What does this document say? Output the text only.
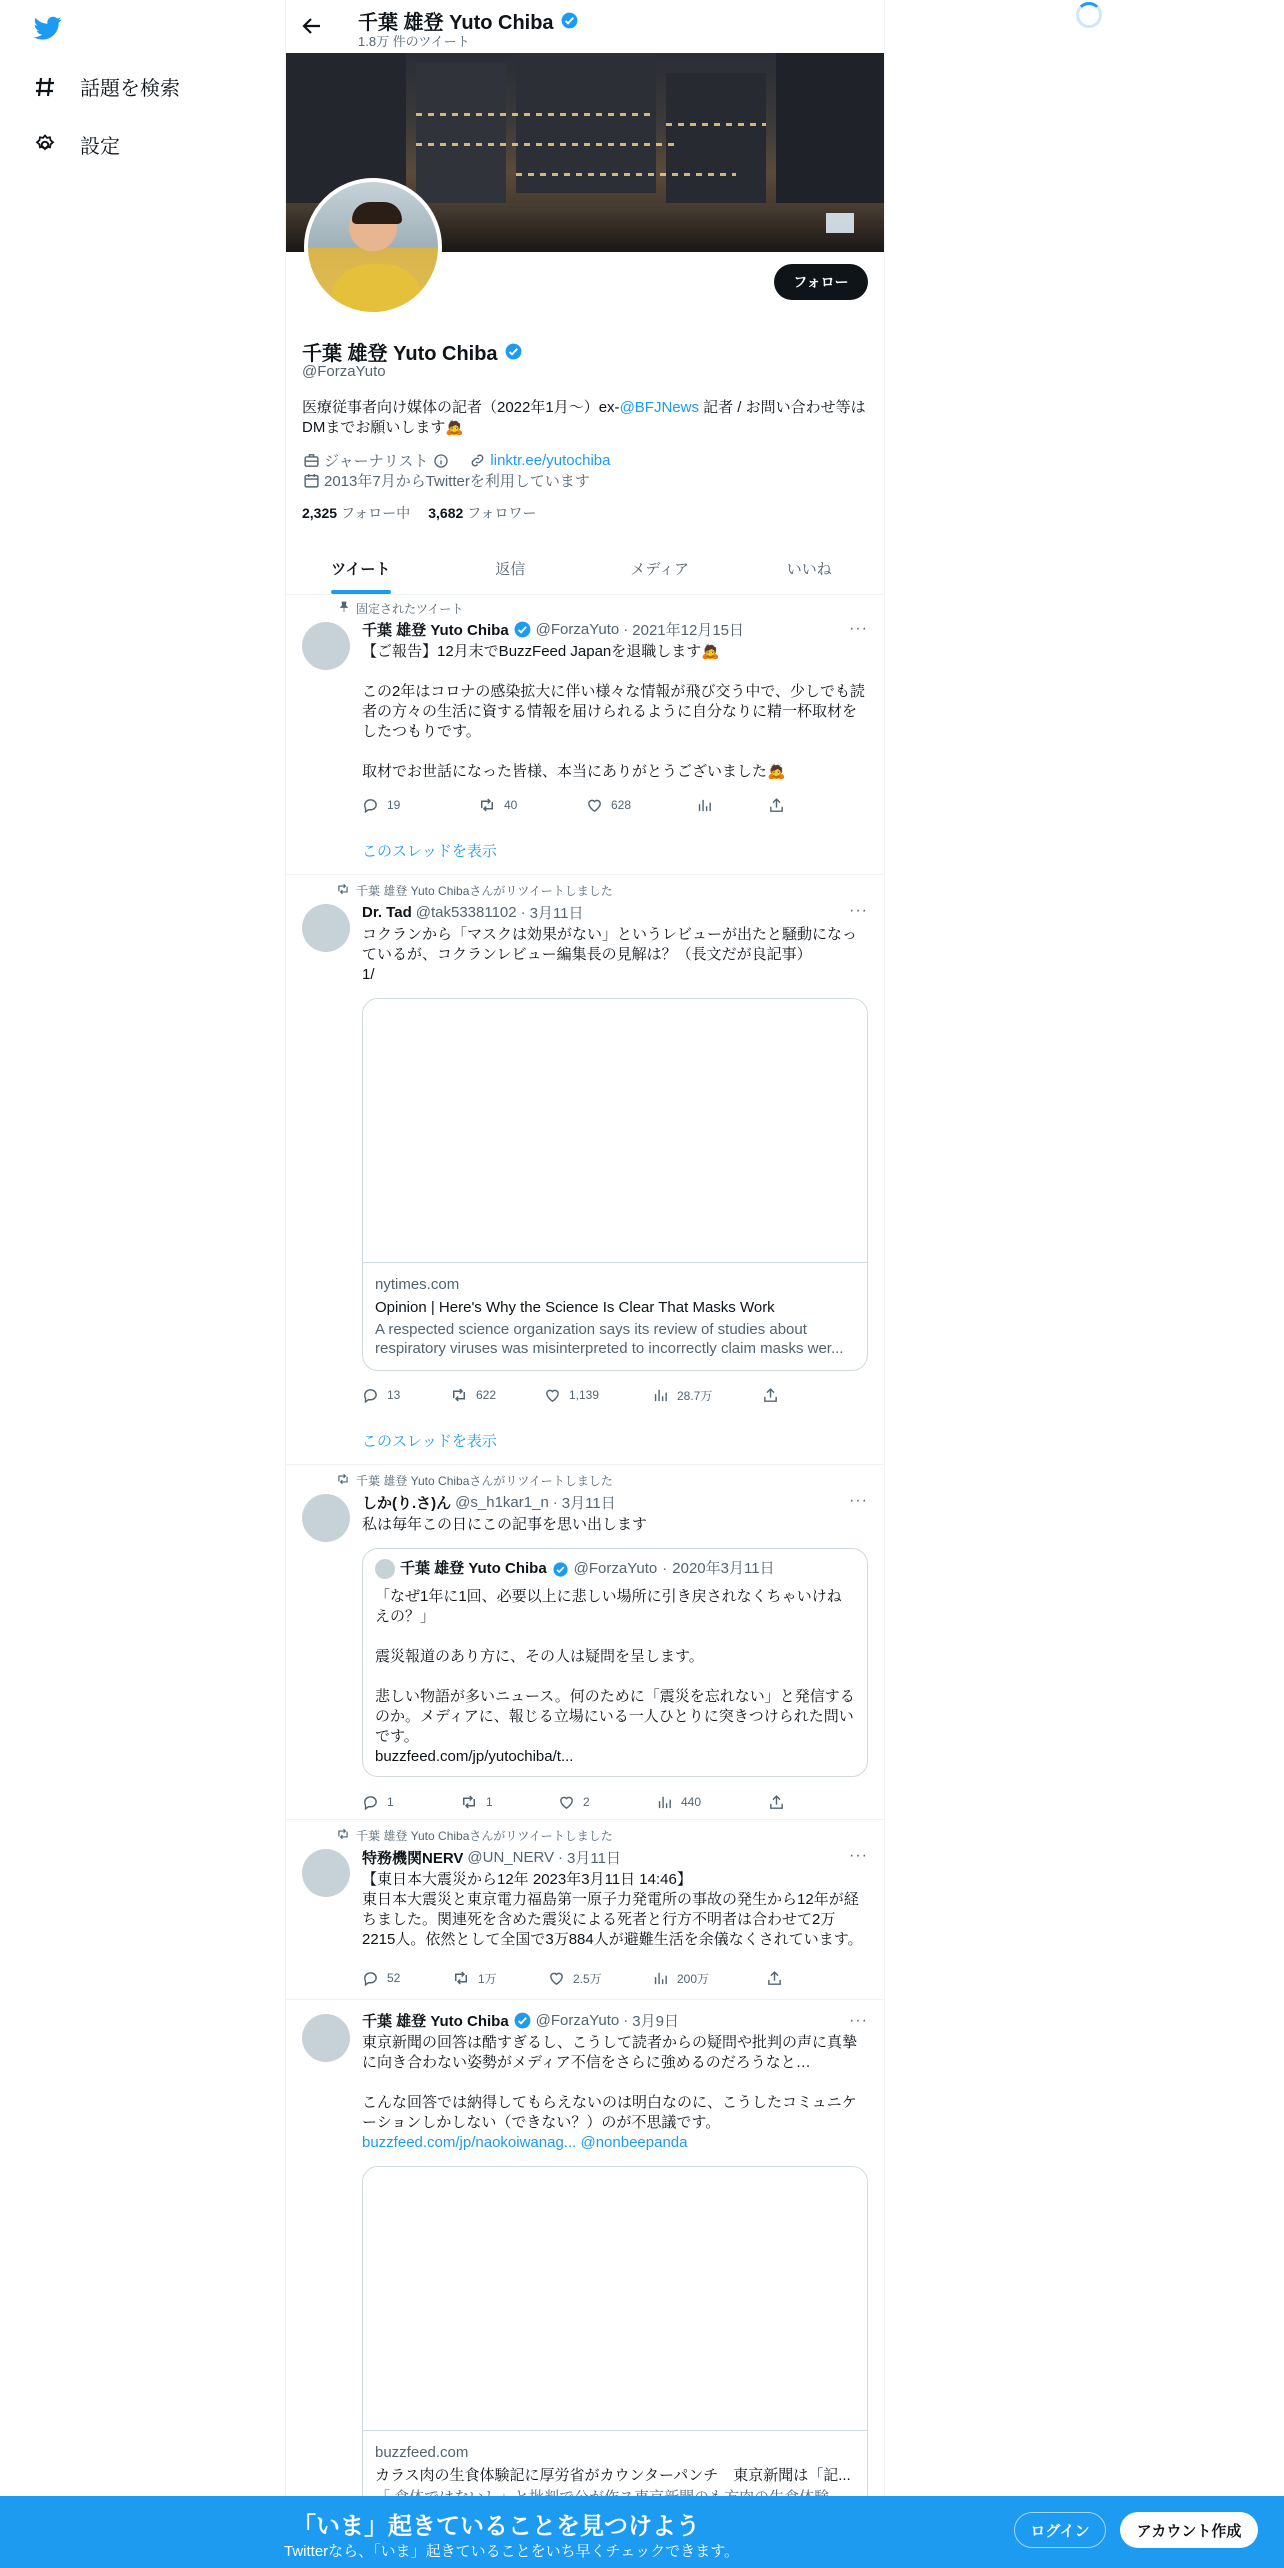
話題を検索
設定
千葉 雄登 Yuto Chiba
1.8万 件のツイート
フォロー
千葉 雄登 Yuto Chiba
@ForzaYuto
医療従事者向け媒体の記者（2022年1月〜）ex-@BFJNews 記者 / お問い合わせ等はDMまでお願いします🙇
ジャーナリスト	linktr.ee/yutochiba
2013年7月からTwitterを利用しています
2,325 フォロー中 3,682 フォロワー
ツイート	返信	メディア	いいね
固定されたツイート
···
千葉 雄登 Yuto Chiba @ForzaYuto · 2021年12月15日
【ご報告】12月末でBuzzFeed Japanを退職します🙇

この2年はコロナの感染拡大に伴い様々な情報が飛び交う中で、少しでも読者の方々の生活に資する情報を届けられるように自分なりに精一杯取材をしたつもりです。

取材でお世話になった皆様、本当にありがとうございました🙇
19	40	628
このスレッドを表示
千葉 雄登 Yuto Chibaさんがリツイートしました
···
Dr. Tad @tak53381102 · 3月11日
コクランから「マスクは効果がない」というレビューが出たと騒動になっているが、コクランレビュー編集長の見解は？（長文だが良記事）
1/
nytimes.com
Opinion | Here's Why the Science Is Clear That Masks Work
A respected science organization says its review of studies about respiratory viruses was misinterpreted to incorrectly claim masks wer...
13	622	1,139	28.7万
このスレッドを表示
千葉 雄登 Yuto Chibaさんがリツイートしました
···
しか(り.さ)ん @s_h1kar1_n · 3月11日
私は毎年この日にこの記事を思い出します
千葉 雄登 Yuto Chiba @ForzaYuto · 2020年3月11日
「なぜ1年に1回、必要以上に悲しい場所に引き戻されなくちゃいけねえの？」

震災報道のあり方に、その人は疑問を呈します。

悲しい物語が多いニュース。何のために「震災を忘れない」と発信するのか。メディアに、報じる立場にいる一人ひとりに突きつけられた問いです。
buzzfeed.com/jp/yutochiba/t...
1	1	2	440
千葉 雄登 Yuto Chibaさんがリツイートしました
···
特務機関NERV @UN_NERV · 3月11日
【東日本大震災から12年 2023年3月11日 14:46】
東日本大震災と東京電力福島第一原子力発電所の事故の発生から12年が経ちました。関連死を含めた震災による死者と行方不明者は合わせて2万2215人。依然として全国で3万884人が避難生活を余儀なくされています。
52	1万	2.5万	200万
···
千葉 雄登 Yuto Chiba @ForzaYuto · 3月9日
東京新聞の回答は酷すぎるし、こうして読者からの疑問や批判の声に真摯に向き合わない姿勢がメディア不信をさらに強めるのだろうなと…

こんな回答では納得してもらえないのは明白なのに、こうしたコミュニケーションしかしない（できない？）のが不思議です。
buzzfeed.com/jp/naokoiwanag... @nonbeepanda
buzzfeed.com
カラス肉の生食体験記に厚労省がカウンターパンチ　東京新聞は「記...
「いま」起きていることを見つけよう
Twitterなら、「いま」起きていることをいち早くチェックできます。
ログイン	アカウント作成
